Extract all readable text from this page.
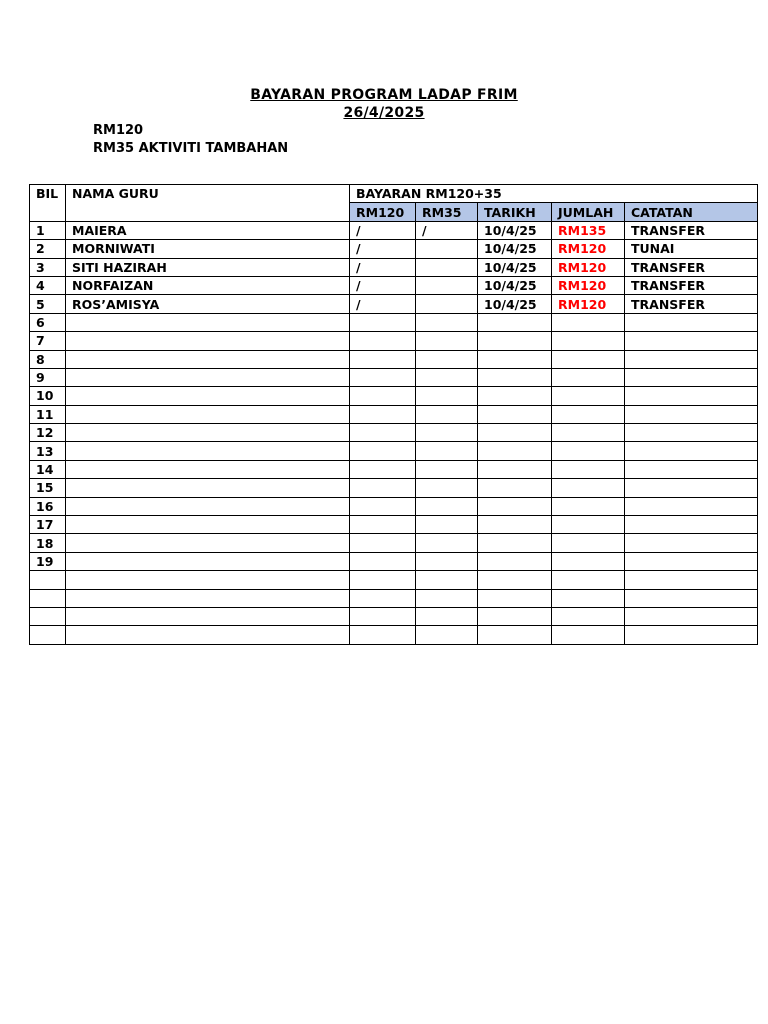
BAYARAN PROGRAM LADAP FRIM
26/4/2025
RM120
RM35 AKTIVITI TAMBAHAN
BIL	NAMA GURU	BAYARAN RM120+35				
		RM120	RM35	TARIKH	JUMLAH	CATATAN
1	MAIERA	/	/	10/4/25	RM135	TRANSFER
2	MORNIWATI	/		10/4/25	RM120	TUNAI
3	SITI HAZIRAH	/		10/4/25	RM120	TRANSFER
4	NORFAIZAN	/		10/4/25	RM120	TRANSFER
5	ROS’AMISYA	/		10/4/25	RM120	TRANSFER
6						
7						
8						
9						
10						
11						
12						
13						
14						
15						
16						
17						
18						
19						
